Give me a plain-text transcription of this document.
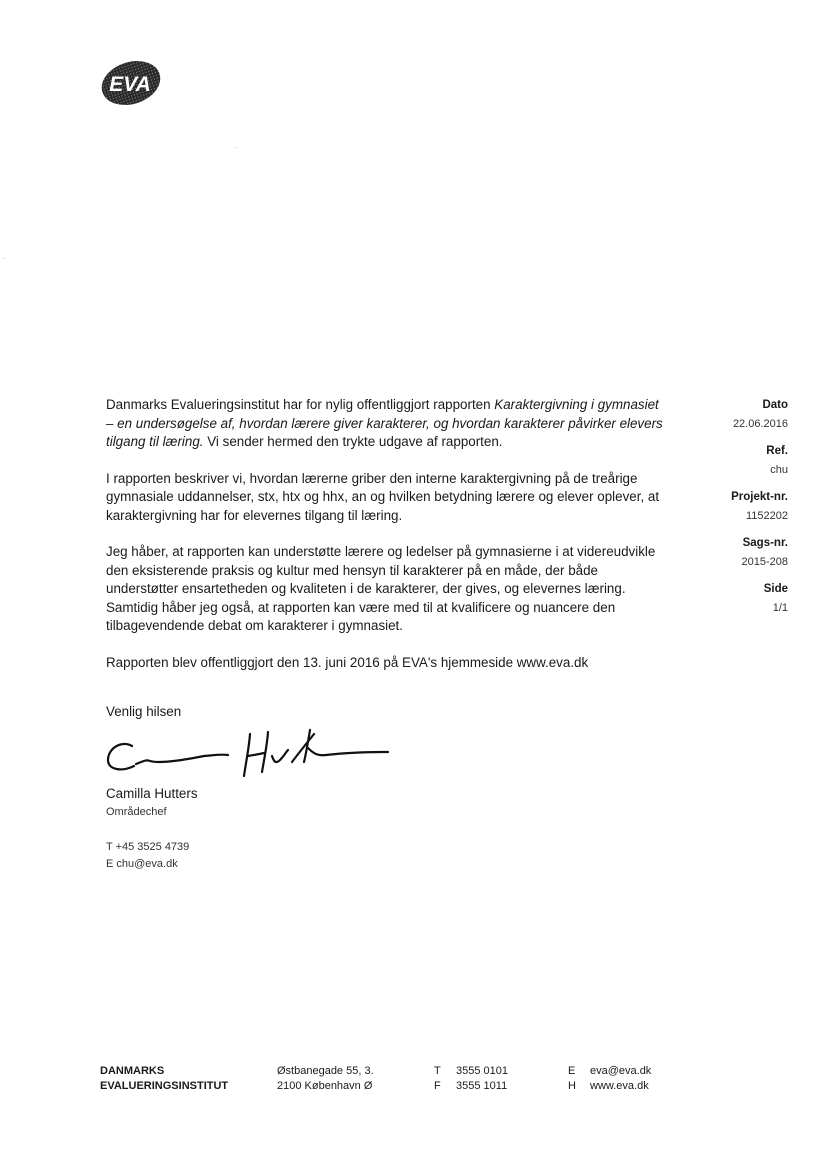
EVA

Danmarks Evalueringsinstitut har for nylig offentliggjort rapporten Karaktergivning i gymnasiet – en undersøgelse af, hvordan lærere giver karakterer, og hvordan karakterer påvirker elevers tilgang til læring. Vi sender hermed den trykte udgave af rapporten.

I rapporten beskriver vi, hvordan lærerne griber den interne karaktergivning på de treårige gymnasiale uddannelser, stx, htx og hhx, an og hvilken betydning lærere og elever oplever, at karaktergivning har for elevernes tilgang til læring.

Jeg håber, at rapporten kan understøtte lærere og ledelser på gymnasierne i at videreudvikle den eksisterende praksis og kultur med hensyn til karakterer på en måde, der både understøtter ensartetheden og kvaliteten i de karakterer, der gives, og elevernes læring. Samtidig håber jeg også, at rapporten kan være med til at kvalificere og nuancere den tilbagevendende debat om karakterer i gymnasiet.

Rapporten blev offentliggjort den 13. juni 2016 på EVA's hjemmeside www.eva.dk

Dato
22.06.2016
Ref.
chu
Projekt-nr.
1152202
Sags-nr.
2015-208
Side
1/1
Venlig hilsen
Camilla Hutters
Områdechef
T +45 3525 4739
E chu@eva.dk
DANMARKS
EVALUERINGSINSTITUT
Østbanegade 55, 3.
2100 København Ø
T
F
3555 0101
3555 1011
E
H
eva@eva.dk
www.eva.dk
